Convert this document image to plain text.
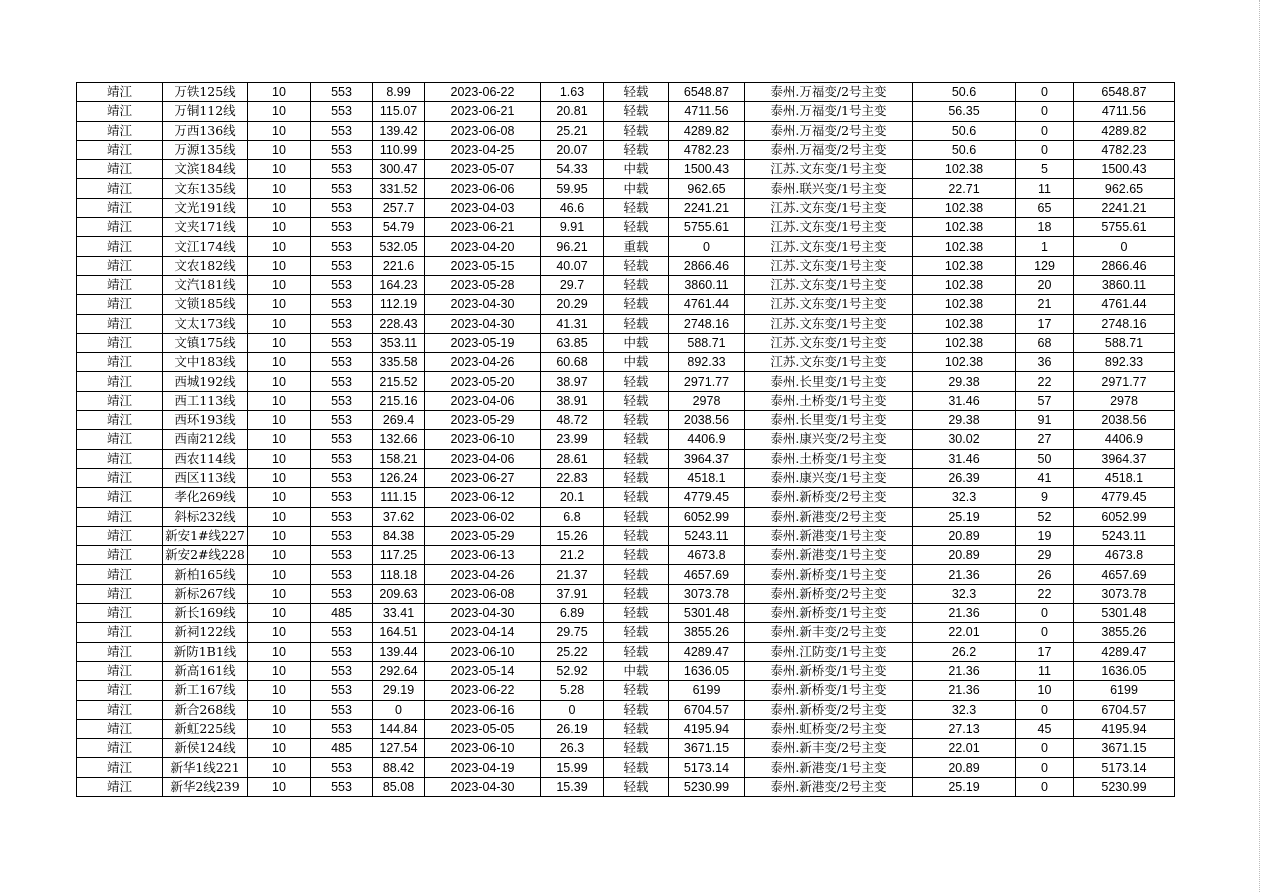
靖江	万铁125线	10	553	8.99	2023-06-22	1.63	轻载	6548.87	泰州.万福变/2号主变	50.6	0	6548.87
靖江	万铜112线	10	553	115.07	2023-06-21	20.81	轻载	4711.56	泰州.万福变/1号主变	56.35	0	4711.56
靖江	万西136线	10	553	139.42	2023-06-08	25.21	轻载	4289.82	泰州.万福变/2号主变	50.6	0	4289.82
靖江	万源135线	10	553	110.99	2023-04-25	20.07	轻载	4782.23	泰州.万福变/2号主变	50.6	0	4782.23
靖江	文滨184线	10	553	300.47	2023-05-07	54.33	中载	1500.43	江苏.文东变/1号主变	102.38	5	1500.43
靖江	文东135线	10	553	331.52	2023-06-06	59.95	中载	962.65	泰州.联兴变/1号主变	22.71	11	962.65
靖江	文光191线	10	553	257.7	2023-04-03	46.6	轻载	2241.21	江苏.文东变/1号主变	102.38	65	2241.21
靖江	文夹171线	10	553	54.79	2023-06-21	9.91	轻载	5755.61	江苏.文东变/1号主变	102.38	18	5755.61
靖江	文江174线	10	553	532.05	2023-04-20	96.21	重载	0	江苏.文东变/1号主变	102.38	1	0
靖江	文农182线	10	553	221.6	2023-05-15	40.07	轻载	2866.46	江苏.文东变/1号主变	102.38	129	2866.46
靖江	文汽181线	10	553	164.23	2023-05-28	29.7	轻载	3860.11	江苏.文东变/1号主变	102.38	20	3860.11
靖江	文锁185线	10	553	112.19	2023-04-30	20.29	轻载	4761.44	江苏.文东变/1号主变	102.38	21	4761.44
靖江	文太173线	10	553	228.43	2023-04-30	41.31	轻载	2748.16	江苏.文东变/1号主变	102.38	17	2748.16
靖江	文镇175线	10	553	353.11	2023-05-19	63.85	中载	588.71	江苏.文东变/1号主变	102.38	68	588.71
靖江	文中183线	10	553	335.58	2023-04-26	60.68	中载	892.33	江苏.文东变/1号主变	102.38	36	892.33
靖江	西城192线	10	553	215.52	2023-05-20	38.97	轻载	2971.77	泰州.长里变/1号主变	29.38	22	2971.77
靖江	西工113线	10	553	215.16	2023-04-06	38.91	轻载	2978	泰州.土桥变/1号主变	31.46	57	2978
靖江	西环193线	10	553	269.4	2023-05-29	48.72	轻载	2038.56	泰州.长里变/1号主变	29.38	91	2038.56
靖江	西南212线	10	553	132.66	2023-06-10	23.99	轻载	4406.9	泰州.康兴变/2号主变	30.02	27	4406.9
靖江	西农114线	10	553	158.21	2023-04-06	28.61	轻载	3964.37	泰州.土桥变/1号主变	31.46	50	3964.37
靖江	西区113线	10	553	126.24	2023-06-27	22.83	轻载	4518.1	泰州.康兴变/1号主变	26.39	41	4518.1
靖江	孝化269线	10	553	111.15	2023-06-12	20.1	轻载	4779.45	泰州.新桥变/2号主变	32.3	9	4779.45
靖江	斜标232线	10	553	37.62	2023-06-02	6.8	轻载	6052.99	泰州.新港变/2号主变	25.19	52	6052.99
靖江	新安1#线227	10	553	84.38	2023-05-29	15.26	轻载	5243.11	泰州.新港变/1号主变	20.89	19	5243.11
靖江	新安2#线228	10	553	117.25	2023-06-13	21.2	轻载	4673.8	泰州.新港变/1号主变	20.89	29	4673.8
靖江	新柏165线	10	553	118.18	2023-04-26	21.37	轻载	4657.69	泰州.新桥变/1号主变	21.36	26	4657.69
靖江	新标267线	10	553	209.63	2023-06-08	37.91	轻载	3073.78	泰州.新桥变/2号主变	32.3	22	3073.78
靖江	新长169线	10	485	33.41	2023-04-30	6.89	轻载	5301.48	泰州.新桥变/1号主变	21.36	0	5301.48
靖江	新祠122线	10	553	164.51	2023-04-14	29.75	轻载	3855.26	泰州.新丰变/2号主变	22.01	0	3855.26
靖江	新防1B1线	10	553	139.44	2023-06-10	25.22	轻载	4289.47	泰州.江防变/1号主变	26.2	17	4289.47
靖江	新高161线	10	553	292.64	2023-05-14	52.92	中载	1636.05	泰州.新桥变/1号主变	21.36	11	1636.05
靖江	新工167线	10	553	29.19	2023-06-22	5.28	轻载	6199	泰州.新桥变/1号主变	21.36	10	6199
靖江	新合268线	10	553	0	2023-06-16	0	轻载	6704.57	泰州.新桥变/2号主变	32.3	0	6704.57
靖江	新虹225线	10	553	144.84	2023-05-05	26.19	轻载	4195.94	泰州.虹桥变/2号主变	27.13	45	4195.94
靖江	新侯124线	10	485	127.54	2023-06-10	26.3	轻载	3671.15	泰州.新丰变/2号主变	22.01	0	3671.15
靖江	新华1线221	10	553	88.42	2023-04-19	15.99	轻载	5173.14	泰州.新港变/1号主变	20.89	0	5173.14
靖江	新华2线239	10	553	85.08	2023-04-30	15.39	轻载	5230.99	泰州.新港变/2号主变	25.19	0	5230.99
